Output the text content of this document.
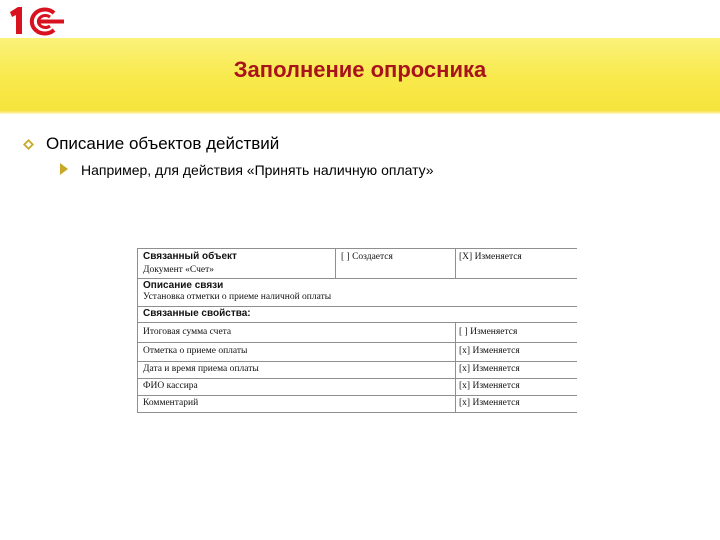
Заполнение опросника
Описание объектов действий
Например, для действия «Принять наличную оплату»
Связанный объект
Документ «Счет»
[ ] Создается	[X] Изменяется
Описание связи
Установка отметки о приеме наличной оплаты
Связанные свойства:
Итоговая сумма счета	[ ] Изменяется
Отметка о приеме оплаты	[x] Изменяется
Дата и время приема оплаты	[x] Изменяется
ФИО кассира	[x] Изменяется
Комментарий	[x] Изменяется
